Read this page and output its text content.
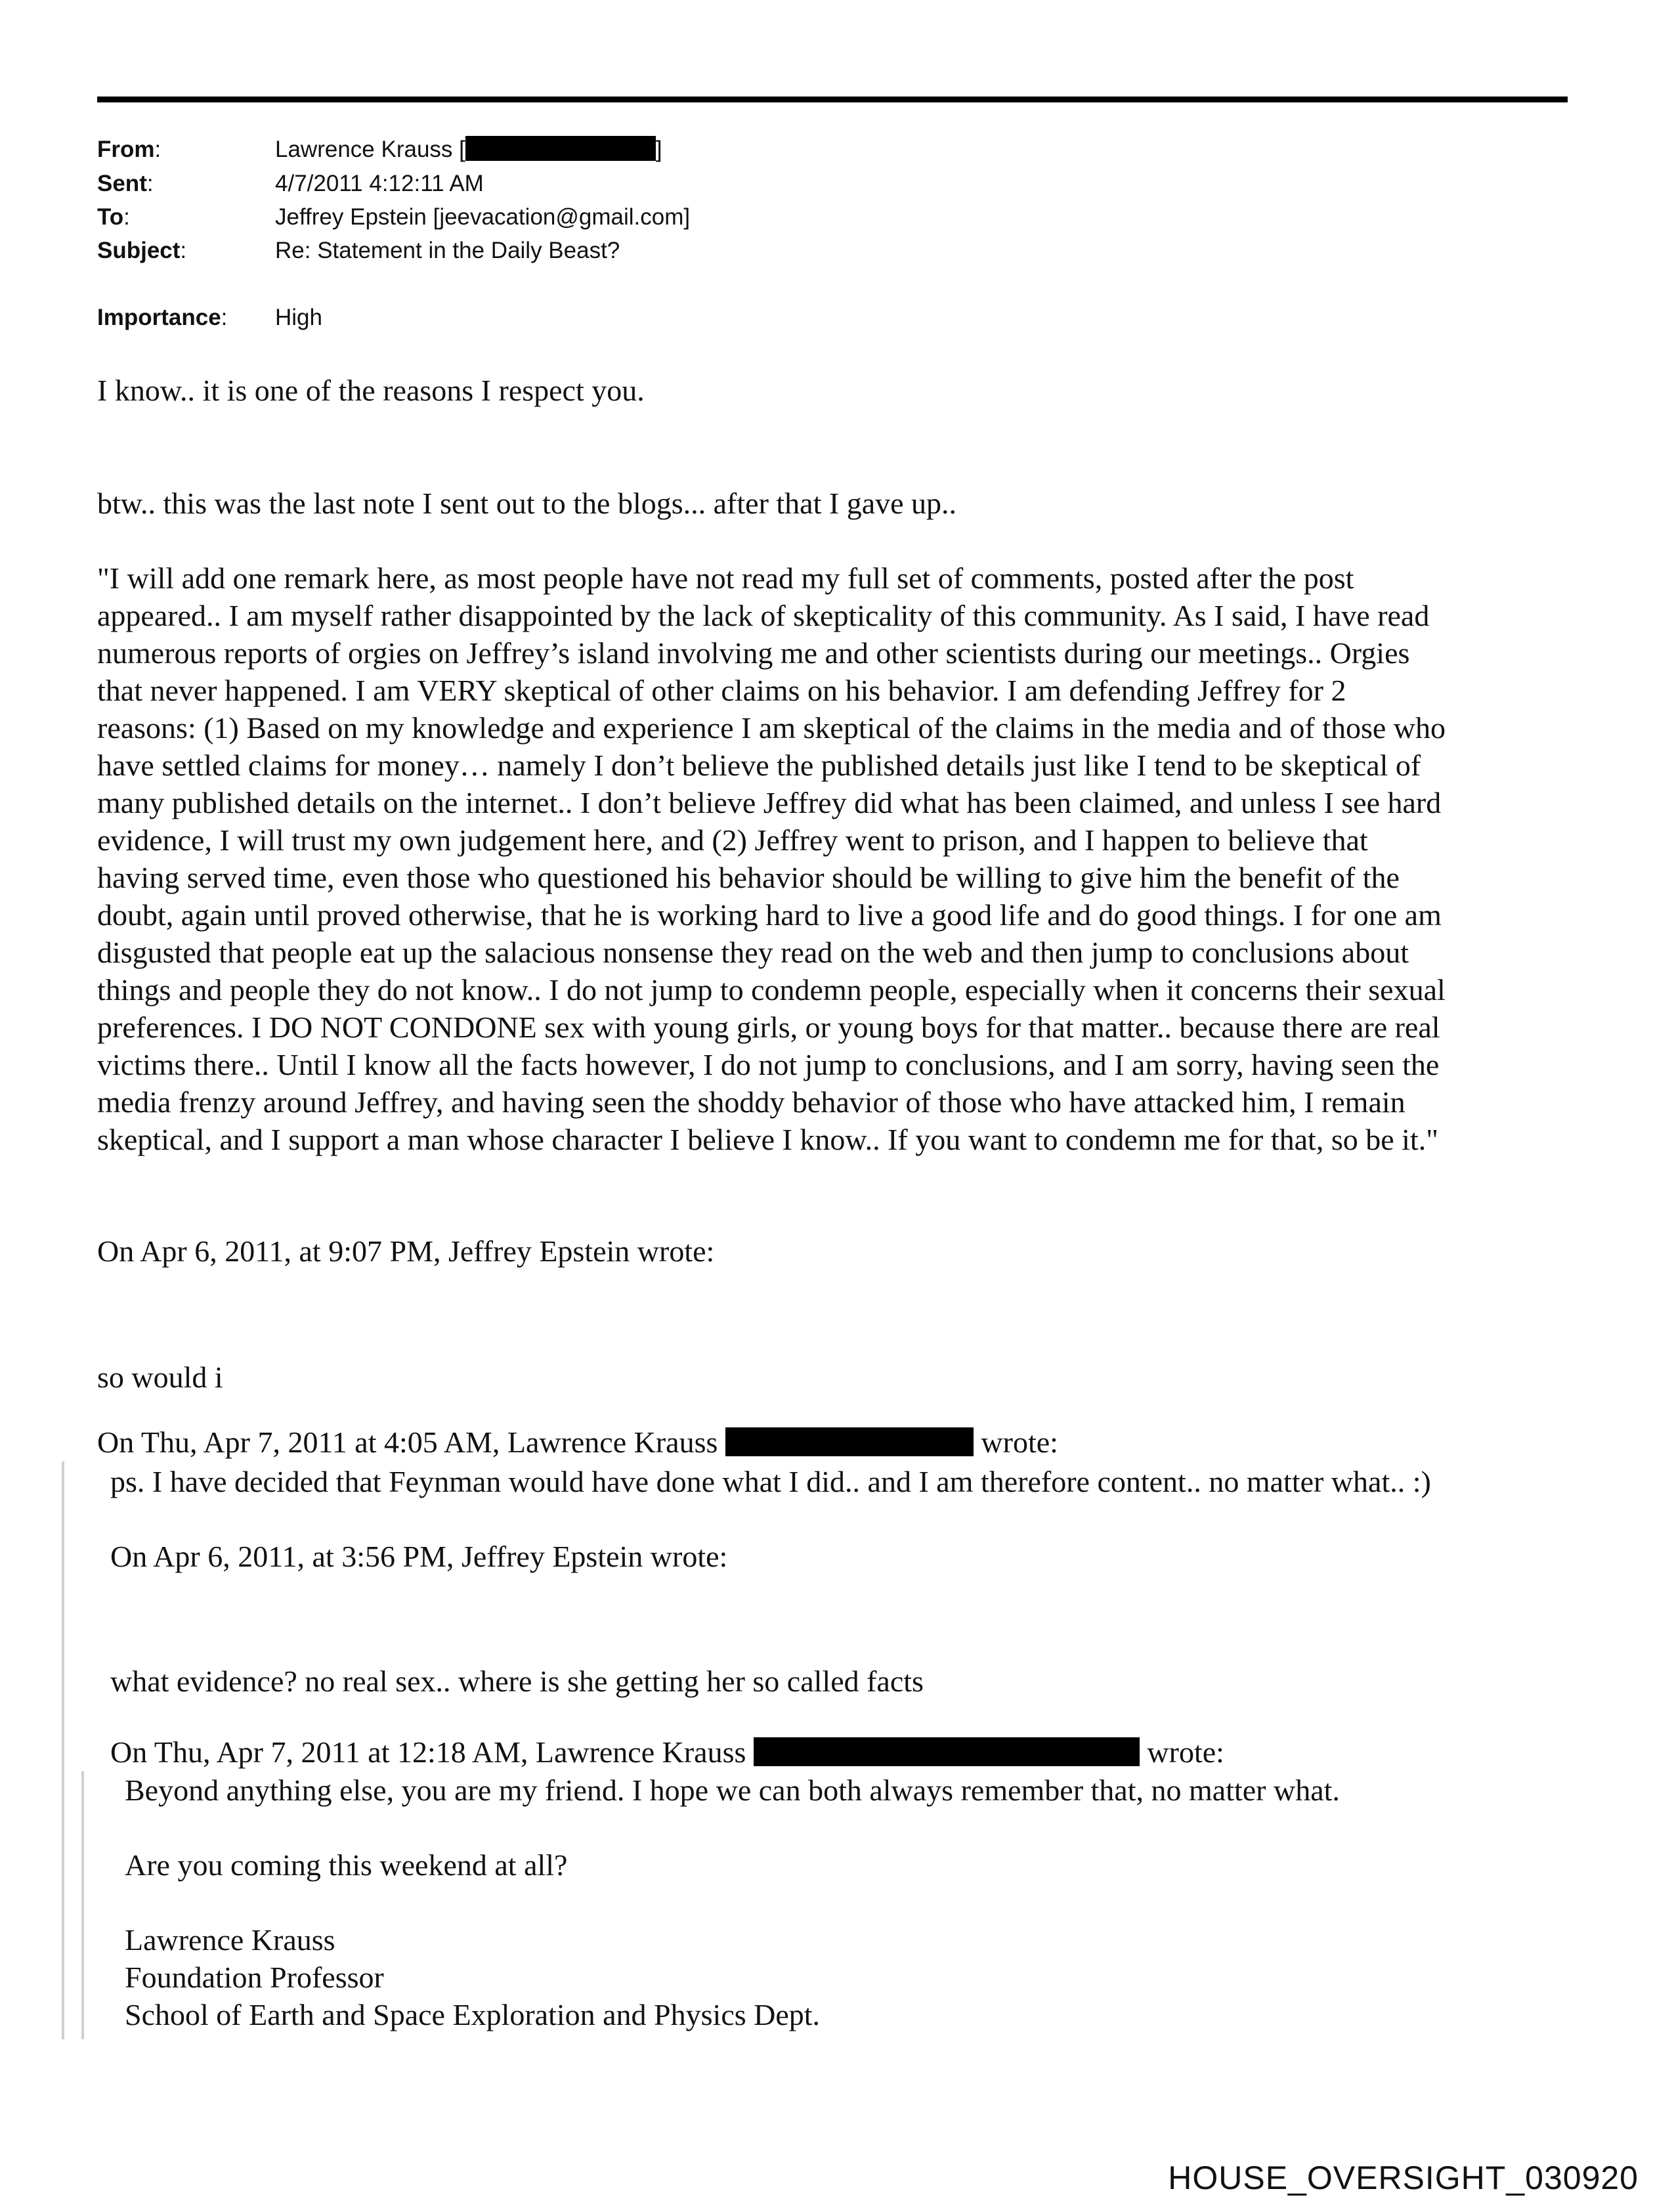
From:	Lawrence Krauss [	]
Sent:	4/7/2011 4:12:11 AM
To:	Jeffrey Epstein [jeevacation@gmail.com]
Subject:	Re: Statement in the Daily Beast?
Importance: High
I know.. it is one of the reasons I respect you.
btw.. this was the last note I sent out to the blogs... after that I gave up..
"I will add one remark here, as most people have not read my full set of comments, posted after the post
appeared.. I am myself rather disappointed by the lack of skepticality of this community. As I said, I have read
numerous reports of orgies on Jeffrey’s island involving me and other scientists during our meetings.. Orgies
that never happened. I am VERY skeptical of other claims on his behavior. I am defending Jeffrey for 2
reasons: (1) Based on my knowledge and experience I am skeptical of the claims in the media and of those who
have settled claims for money… namely I don’t believe the published details just like I tend to be skeptical of
many published details on the internet.. I don’t believe Jeffrey did what has been claimed, and unless I see hard
evidence, I will trust my own judgement here, and (2) Jeffrey went to prison, and I happen to believe that
having served time, even those who questioned his behavior should be willing to give him the benefit of the
doubt, again until proved otherwise, that he is working hard to live a good life and do good things. I for one am
disgusted that people eat up the salacious nonsense they read on the web and then jump to conclusions about
things and people they do not know.. I do not jump to condemn people, especially when it concerns their sexual
preferences. I DO NOT CONDONE sex with young girls, or young boys for that matter.. because there are real
victims there.. Until I know all the facts however, I do not jump to conclusions, and I am sorry, having seen the
media frenzy around Jeffrey, and having seen the shoddy behavior of those who have attacked him, I remain
skeptical, and I support a man whose character I believe I know.. If you want to condemn me for that, so be it."
On Apr 6, 2011, at 9:07 PM, Jeffrey Epstein wrote:
so would i
On Thu, Apr 7, 2011 at 4:05 AM, Lawrence Krauss	wrote:
ps. I have decided that Feynman would have done what I did.. and I am therefore content.. no matter what.. :)
On Apr 6, 2011, at 3:56 PM, Jeffrey Epstein wrote:
what evidence? no real sex.. where is she getting her so called facts
On Thu, Apr 7, 2011 at 12:18 AM, Lawrence Krauss	wrote:
Beyond anything else, you are my friend. I hope we can both always remember that, no matter what.
Are you coming this weekend at all?
Lawrence Krauss
Foundation Professor
School of Earth and Space Exploration and Physics Dept.
HOUSE_OVERSIGHT_030920
